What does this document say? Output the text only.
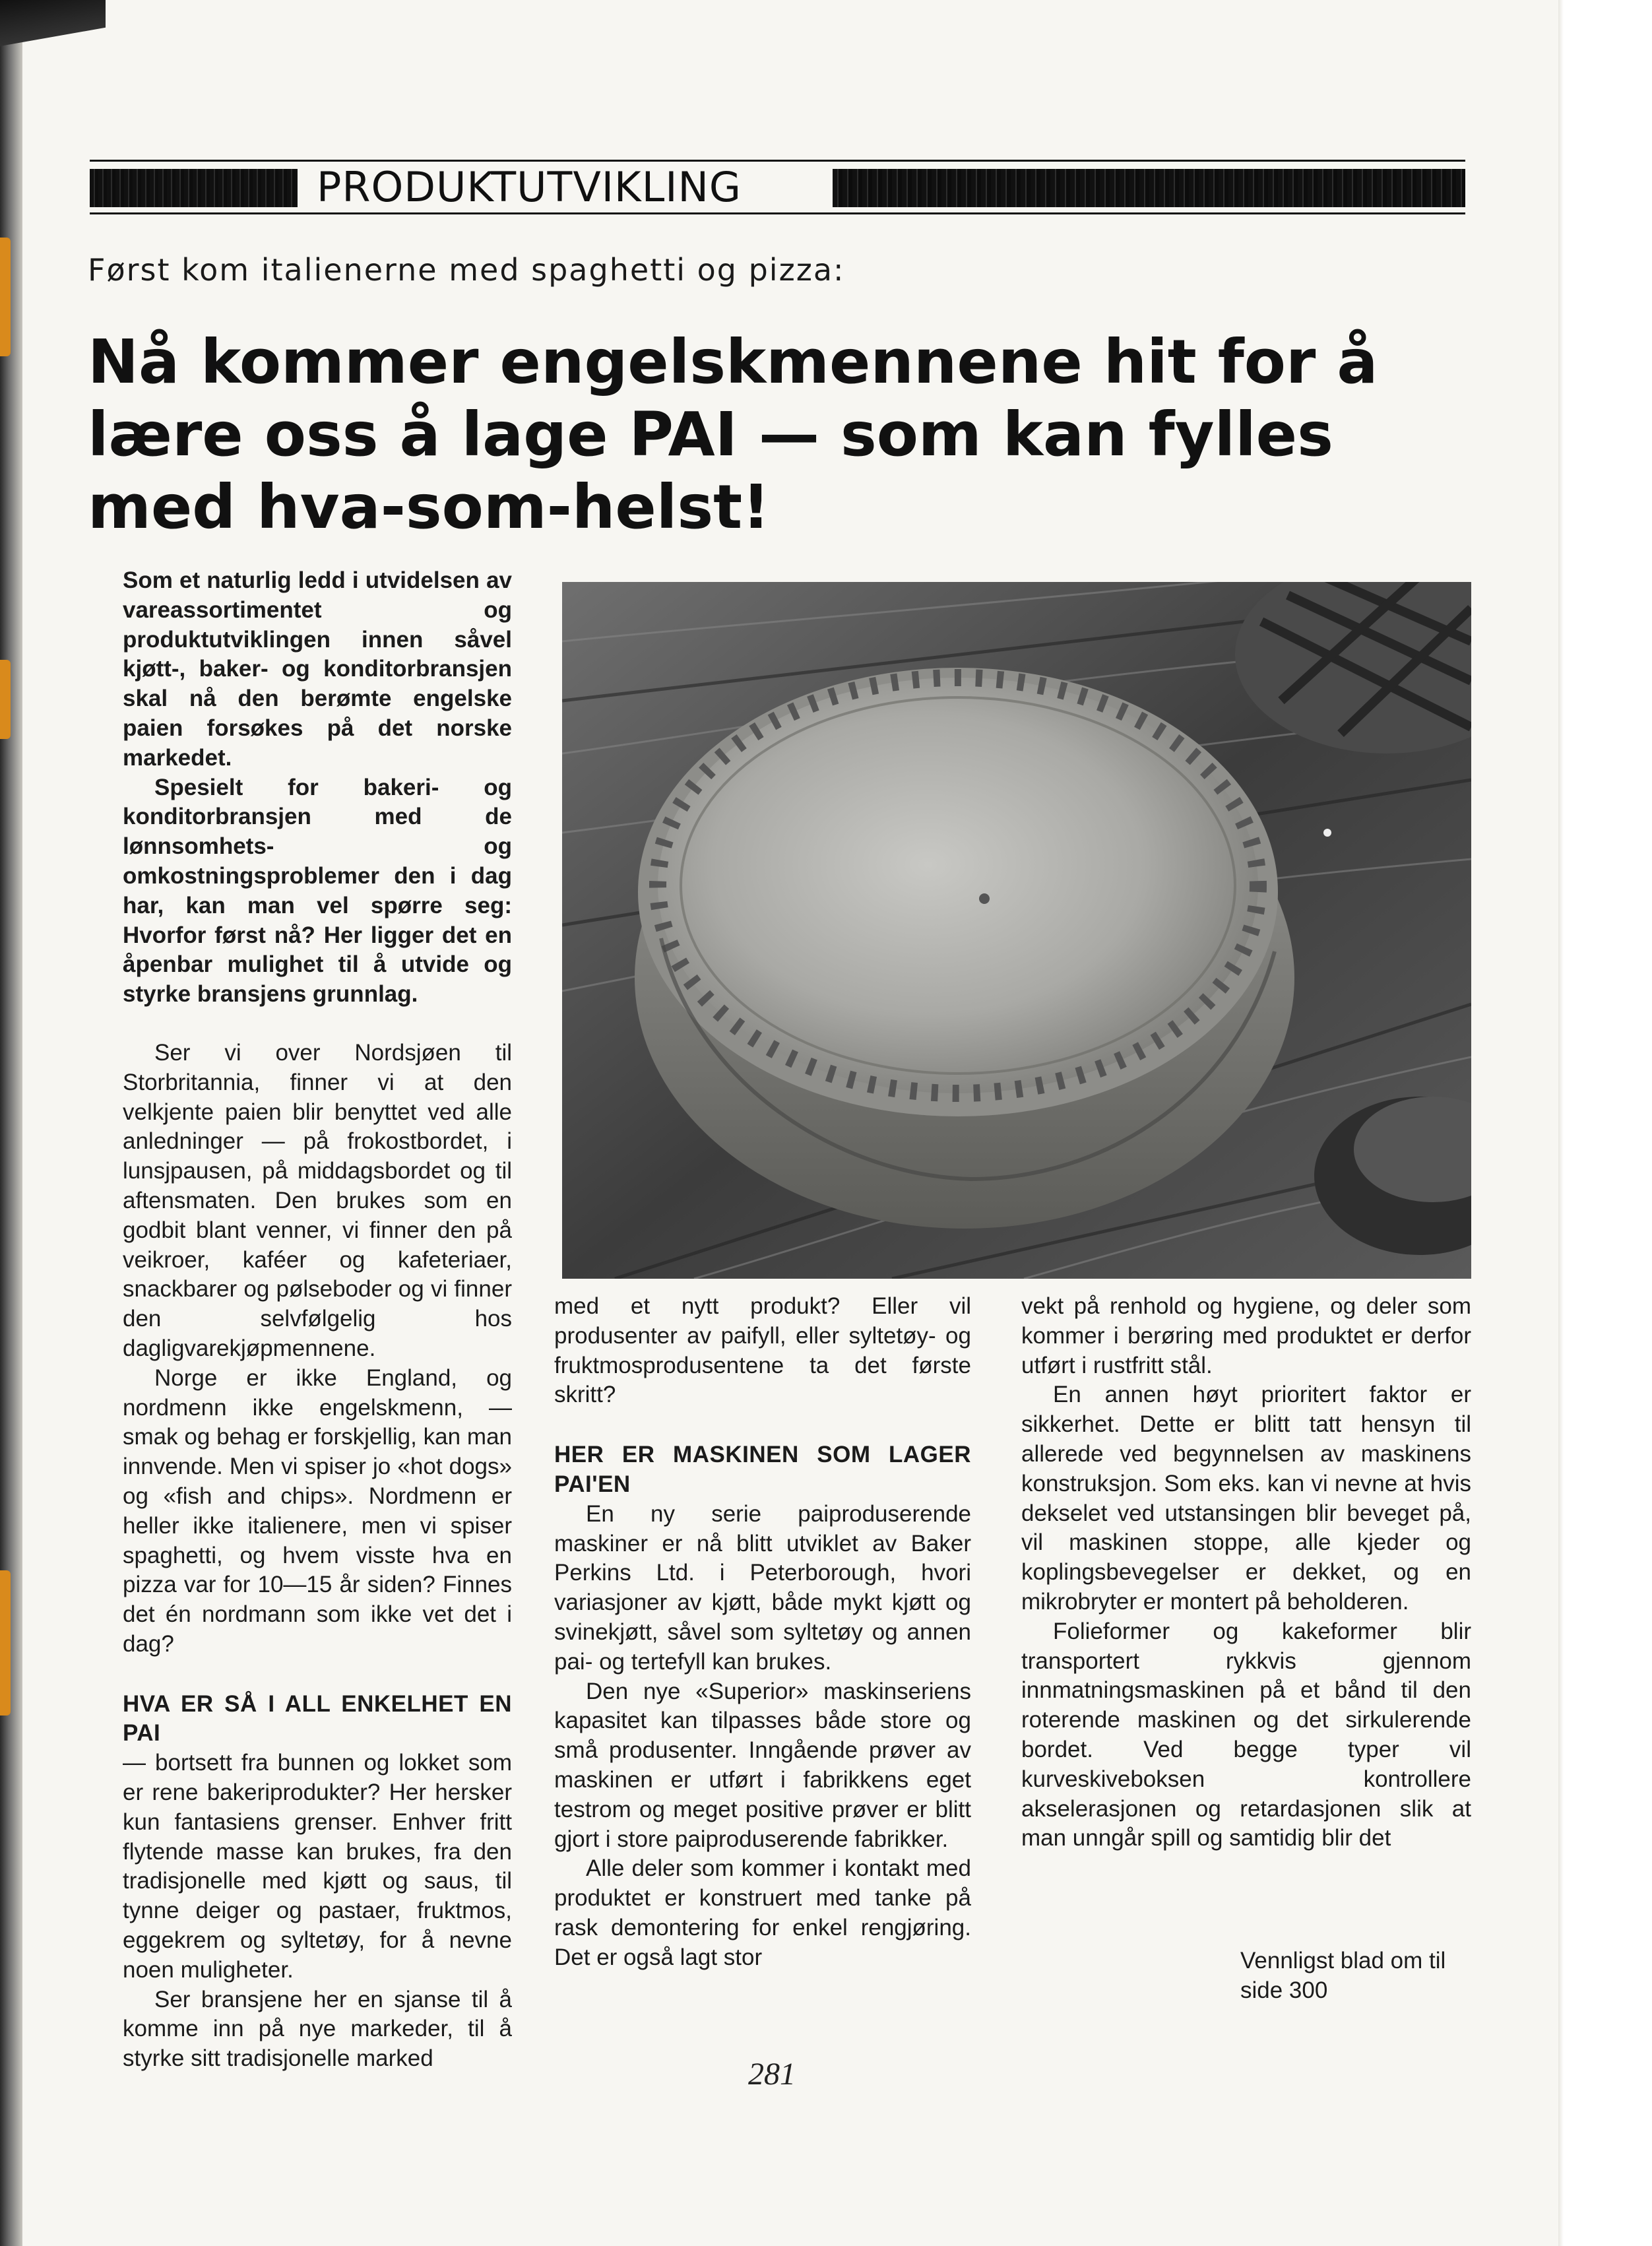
PRODUKTUTVIKLING
Først kom italienerne med spaghetti og pizza:
Nå kommer engelskmennene hit for å lære oss å lage PAI — som kan fylles med hva-som-helst!

Som et naturlig ledd i utvidelsen av vareassortimentet og produktutviklingen innen såvel kjøtt-, baker- og konditorbransjen skal nå den berømte engelske paien forsøkes på det norske markedet.

Spesielt for bakeri- og konditorbransjen med de lønnsomhets- og omkostningsproblemer den i dag har, kan man vel spørre seg: Hvorfor først nå? Her ligger det en åpenbar mulighet til å utvide og styrke bransjens grunnlag.

Ser vi over Nordsjøen til Storbritannia, finner vi at den velkjente paien blir benyttet ved alle anledninger — på frokostbordet, i lunsjpausen, på middagsbordet og til aftensmaten. Den brukes som en godbit blant venner, vi finner den på veikroer, kaféer og kafeteriaer, snackbarer og pølseboder og vi finner den selvfølgelig hos dagligvarekjøpmennene.

Norge er ikke England, og nordmenn ikke engelskmenn, — smak og behag er forskjellig, kan man innvende. Men vi spiser jo «hot dogs» og «fish and chips». Nordmenn er heller ikke italienere, men vi spiser spaghetti, og hvem visste hva en pizza var for 10—15 år siden? Finnes det én nordmann som ikke vet det i dag?

HVA ER SÅ I ALL ENKELHET EN PAI

— bortsett fra bunnen og lokket som er rene bakeriprodukter? Her hersker kun fantasiens grenser. Enhver fritt flytende masse kan brukes, fra den tradisjonelle med kjøtt og saus, til tynne deiger og pastaer, fruktmos, eggekrem og syltetøy, for å nevne noen muligheter.

Ser bransjene her en sjanse til å komme inn på nye markeder, til å styrke sitt tradisjonelle marked

med et nytt produkt? Eller vil produsenter av paifyll, eller syltetøy- og fruktmosprodusentene ta det første skritt?

HER ER MASKINEN SOM LAGER PAI'EN

En ny serie paiproduserende maskiner er nå blitt utviklet av Baker Perkins Ltd. i Peterborough, hvori variasjoner av kjøtt, både mykt kjøtt og svinekjøtt, såvel som syltetøy og annen pai- og tertefyll kan brukes.

Den nye «Superior» maskinseriens kapasitet kan tilpasses både store og små produsenter. Inngående prøver av maskinen er utført i fabrikkens eget testrom og meget positive prøver er blitt gjort i store paiproduserende fabrikker.

Alle deler som kommer i kontakt med produktet er konstruert med tanke på rask demontering for enkel rengjøring. Det er også lagt stor

vekt på renhold og hygiene, og deler som kommer i berøring med produktet er derfor utført i rustfritt stål.

En annen høyt prioritert faktor er sikkerhet. Dette er blitt tatt hensyn til allerede ved begynnelsen av maskinens konstruksjon. Som eks. kan vi nevne at hvis dekselet ved utstansingen blir beveget på, vil maskinen stoppe, alle kjeder og koplingsbevegelser er dekket, og en mikrobryter er montert på beholderen.

Folieformer og kakeformer blir transportert rykkvis gjennom innmatningsmaskinen på et bånd til den roterende maskinen og det sirkulerende bordet. Ved begge typer vil kurveskiveboksen kontrollere akselerasjonen og retardasjonen slik at man unngår spill og samtidig blir det

Vennligst blad om til side 300
281
